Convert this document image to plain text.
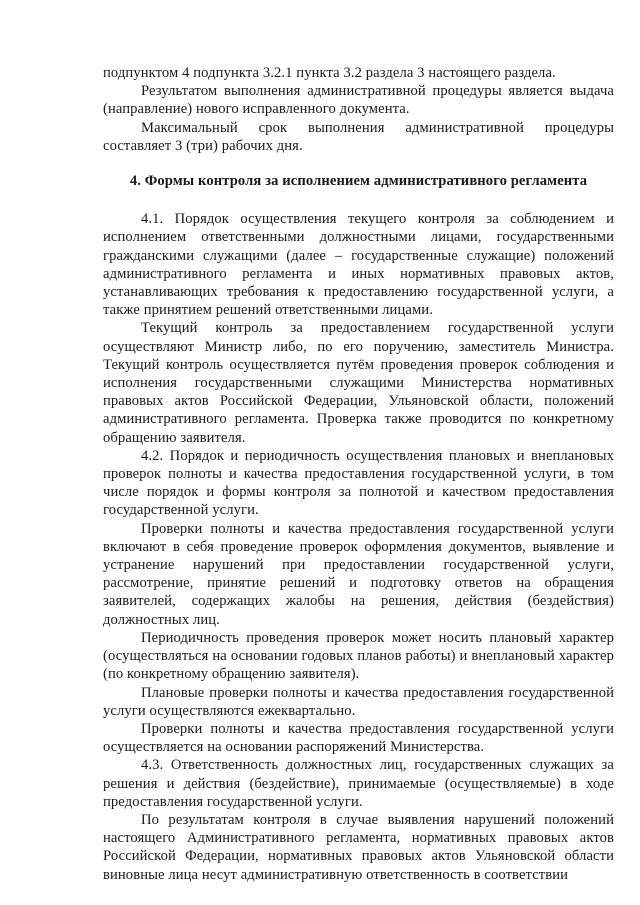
подпунктом 4 подпункта 3.2.1 пункта 3.2 раздела 3 настоящего раздела.

Результатом выполнения административной процедуры является выдача (направление) нового исправленного документа.

Максимальный срок выполнения административной процедуры составляет 3 (три) рабочих дня.

4. Формы контроля за исполнением административного регламента

4.1. Порядок осуществления текущего контроля за соблюдением и исполнением ответственными должностными лицами, государственными гражданскими служащими (далее – государственные служащие) положений административного регламента и иных нормативных правовых актов, устанавливающих требования к предоставлению государственной услуги, а также принятием решений ответственными лицами.

Текущий контроль за предоставлением государственной услуги осуществляют Министр либо, по его поручению, заместитель Министра. Текущий контроль осуществляется путём проведения проверок соблюдения и исполнения государственными служащими Министерства нормативных правовых актов Российской Федерации, Ульяновской области, положений административного регламента. Проверка также проводится по конкретному обращению заявителя.

4.2. Порядок и периодичность осуществления плановых и внеплановых проверок полноты и качества предоставления государственной услуги, в том числе порядок и формы контроля за полнотой и качеством предоставления государственной услуги.

Проверки полноты и качества предоставления государственной услуги включают в себя проведение проверок оформления документов, выявление и устранение нарушений при предоставлении государственной услуги, рассмотрение, принятие решений и подготовку ответов на обращения заявителей, содержащих жалобы на решения, действия (бездействия) должностных лиц.

Периодичность проведения проверок может носить плановый характер (осуществляться на основании годовых планов работы) и внеплановый характер (по конкретному обращению заявителя).

Плановые проверки полноты и качества предоставления государственной услуги осуществляются ежеквартально.

Проверки полноты и качества предоставления государственной услуги осуществляется на основании распоряжений Министерства.

4.3. Ответственность должностных лиц, государственных служащих за решения и действия (бездействие), принимаемые (осуществляемые) в ходе предоставления государственной услуги.

По результатам контроля в случае выявления нарушений положений настоящего Административного регламента, нормативных правовых актов Российской Федерации, нормативных правовых актов Ульяновской области виновные лица несут административную ответственность в соответствии
